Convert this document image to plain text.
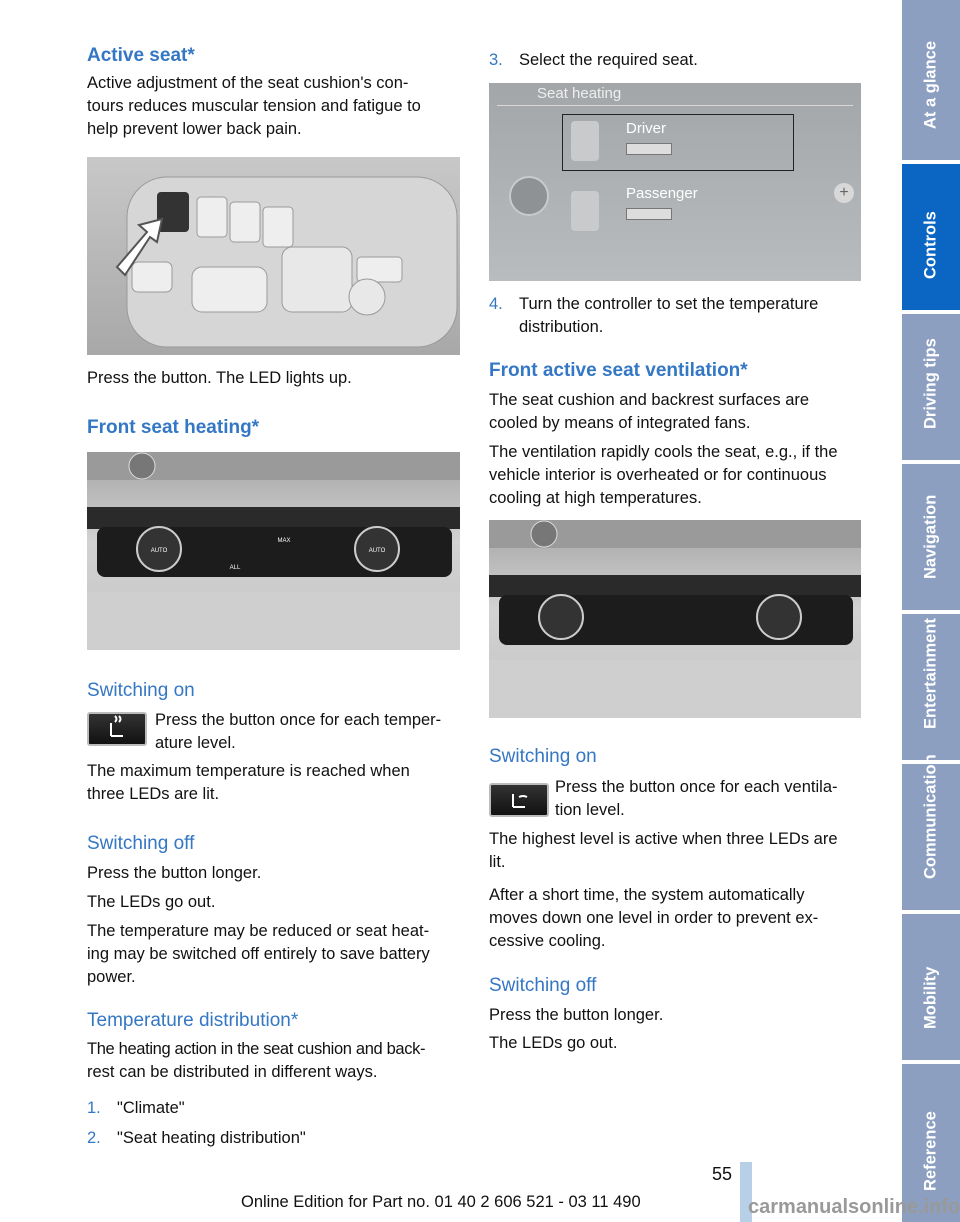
Active seat*

Active adjustment of the seat cushion's con-

tours reduces muscular tension and fatigue to

help prevent lower back pain.

Press the button. The LED lights up.

Front seat heating*
AUTO
MAX
AUTO
ALL
Switching on

Press the button once for each temper-

ature level.

The maximum temperature is reached when

three LEDs are lit.

Switching off

Press the button longer.

The LEDs go out.

The temperature may be reduced or seat heat-

ing may be switched off entirely to save battery

power.

Temperature distribution*

The heating action in the seat cushion and back-

rest can be distributed in different ways.

1. "Climate"
2. "Seat heating distribution"
3. Select the required seat.
Seat heating
Driver
Passenger	+
4. Turn the controller to set the temperature

distribution.

Front active seat ventilation*

The seat cushion and backrest surfaces are

cooled by means of integrated fans.

The ventilation rapidly cools the seat, e.g., if the

vehicle interior is overheated or for continuous

cooling at high temperatures.

Switching on

Press the button once for each ventila-

tion level.

The highest level is active when three LEDs are

lit.

After a short time, the system automatically

moves down one level in order to prevent ex-

cessive cooling.

Switching off

Press the button longer.

The LEDs go out.

At a glance
Controls
Driving tips
Navigation
Entertainment
Communication
Mobility
Reference
55
Online Edition for Part no. 01 40 2 606 521 - 03 11 490	carmanualsonline.info
